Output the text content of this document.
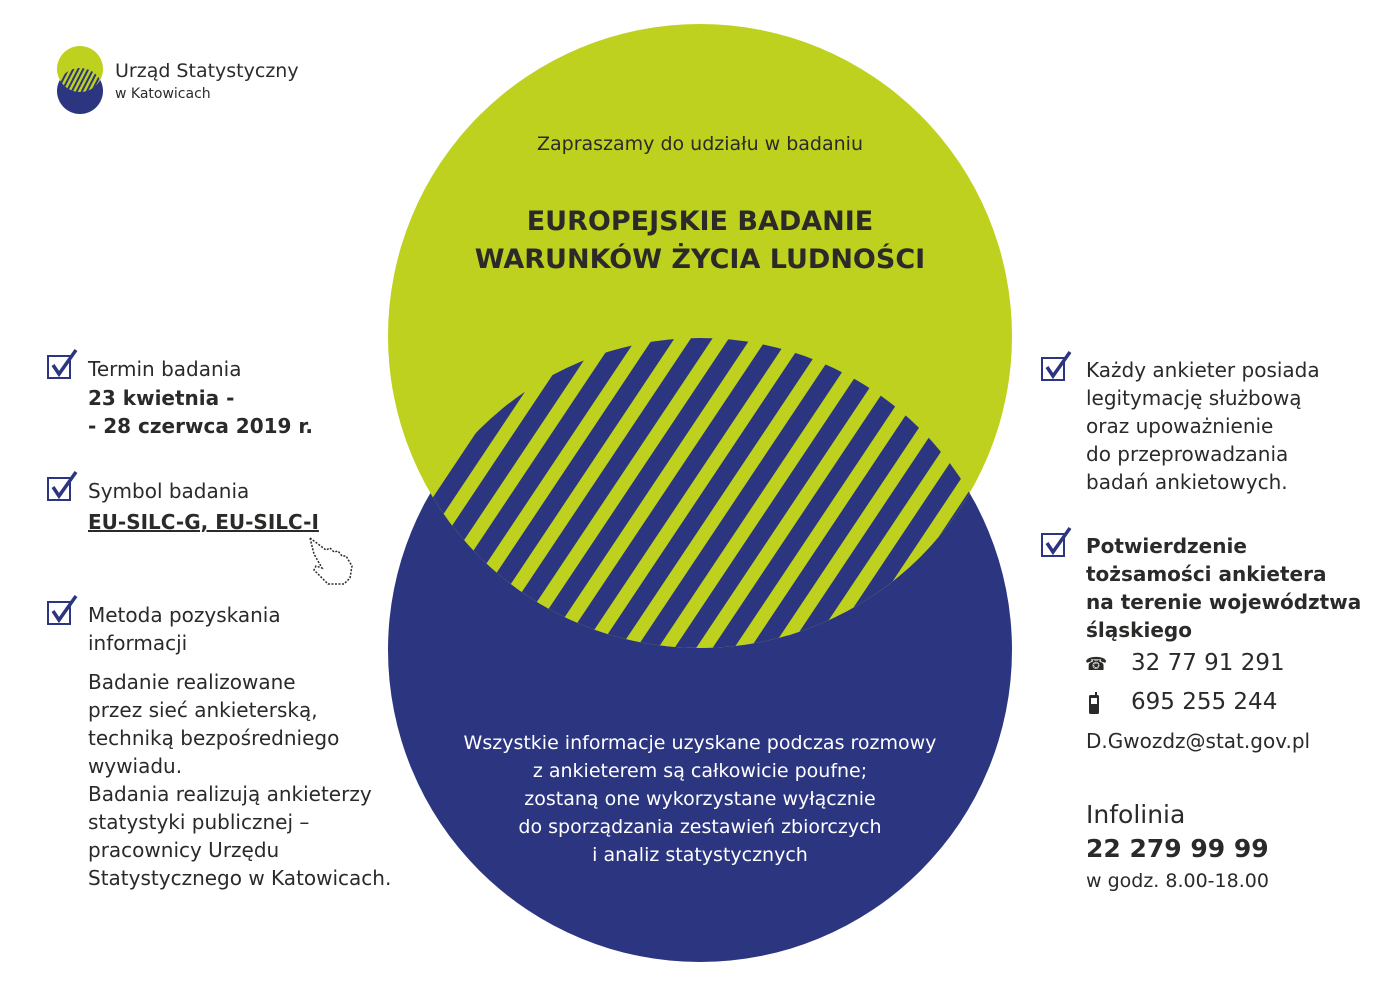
Urząd Statystyczny
w Katowicach
Zapraszamy do udziału w badaniu
EUROPEJSKIE BADANIE
WARUNKÓW ŻYCIA LUDNOŚCI
Wszystkie informacje uzyskane podczas rozmowy
z ankieterem są całkowicie poufne;
zostaną one wykorzystane wyłącznie
do sporządzania zestawień zbiorczych
i analiz statystycznych
Termin badania
23 kwietnia -
- 28 czerwca 2019 r.
Symbol badania
EU-SILC-G, EU-SILC-I
Metoda pozyskania
informacji
Badanie realizowane
przez sieć ankieterską,
techniką bezpośredniego
wywiadu.
Badania realizują ankieterzy
statystyki publicznej –
pracownicy Urzędu
Statystycznego w Katowicach.
Każdy ankieter posiada
legitymację służbową
oraz upoważnienie
do przeprowadzania
badań ankietowych.
Potwierdzenie
tożsamości ankietera
na terenie województwa
śląskiego
☎ 32 77 91 291
695 255 244
D.Gwozdz@stat.gov.pl
Infolinia
22 279 99 99
w godz. 8.00-18.00
